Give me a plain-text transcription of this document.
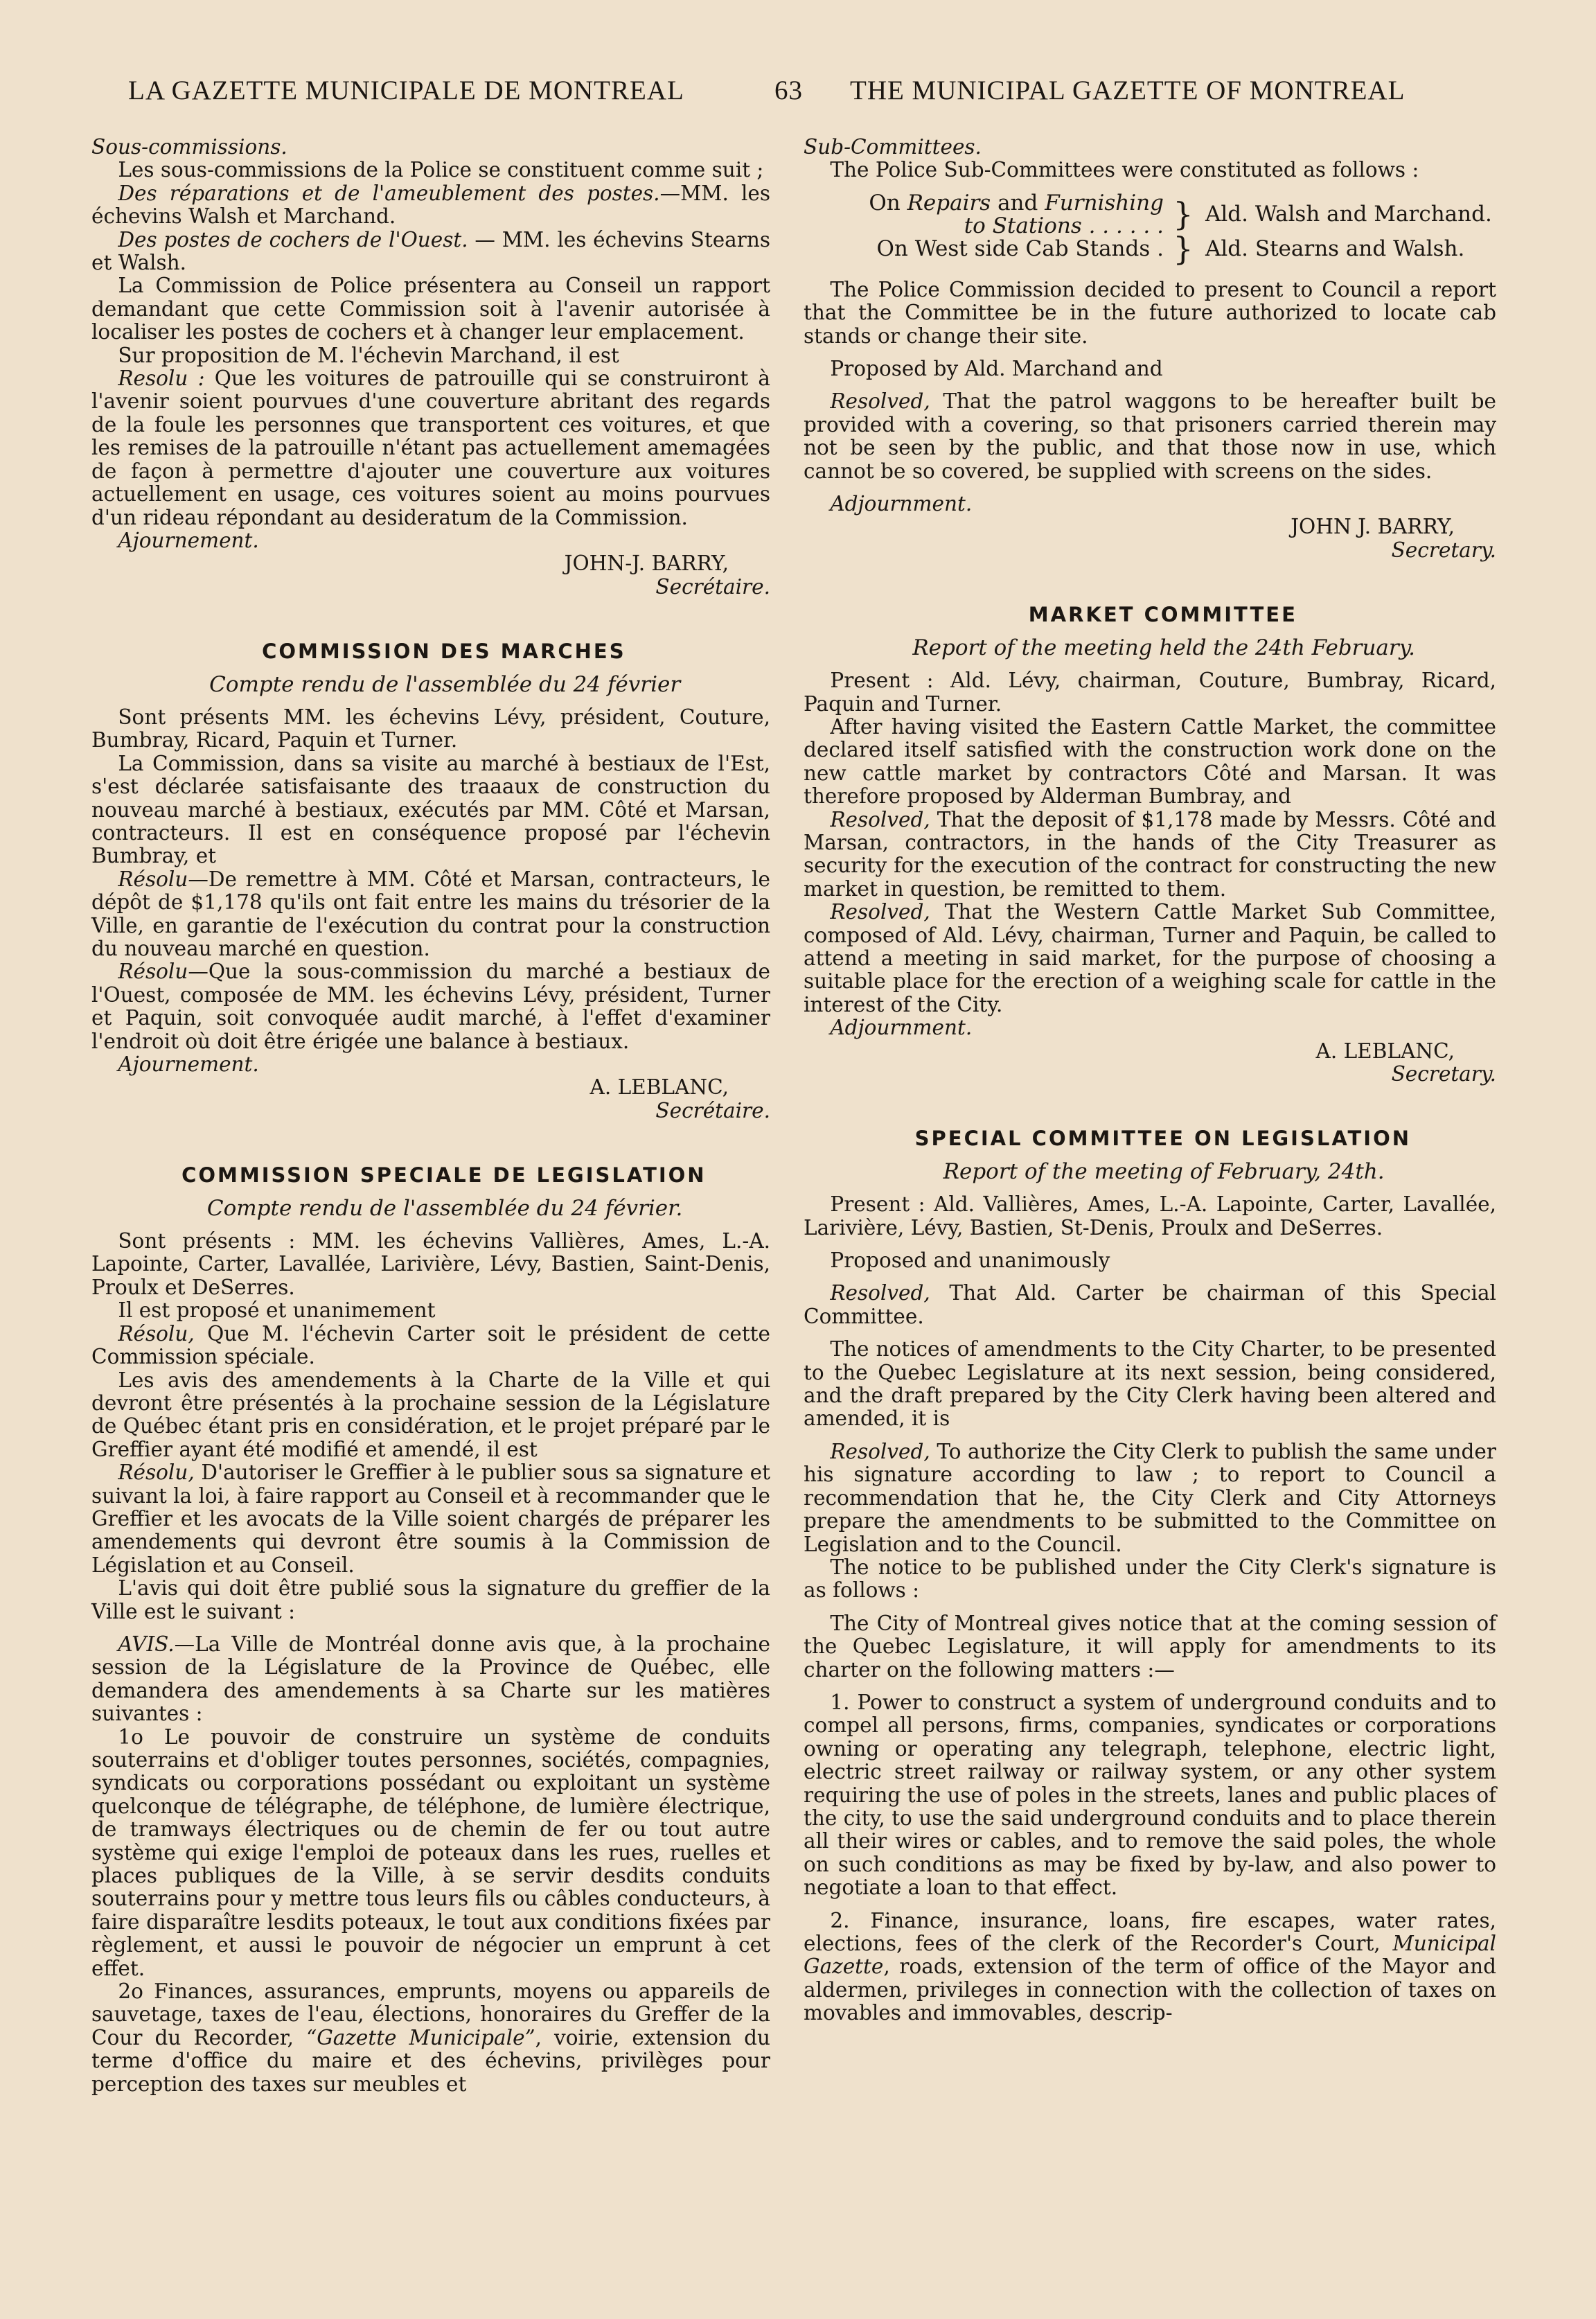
LA GAZETTE MUNICIPALE DE MONTREAL	63 THE MUNICIPAL GAZETTE OF MONTREAL

Sous-commissions.

Les sous-commissions de la Police se constituent comme suit ;

Des réparations et de l'ameublement des postes.—MM. les échevins Walsh et Marchand.

Des postes de cochers de l'Ouest. — MM. les échevins Stearns et Walsh.

La Commission de Police présentera au Conseil un rapport demandant que cette Commission soit à l'avenir autorisée à localiser les postes de cochers et à changer leur emplacement.

Sur proposition de M. l'échevin Marchand, il est

Resolu : Que les voitures de patrouille qui se construiront à l'avenir soient pourvues d'une couverture abritant des regards de la foule les personnes que transportent ces voitures, et que les remises de la patrouille n'étant pas actuellement amemagées de façon à permettre d'ajouter une couverture aux voitures actuellement en usage, ces voitures soient au moins pourvues d'un rideau répondant au desideratum de la Commission.

Ajournement.

JOHN-J. BARRY,

Secrétaire.

COMMISSION DES MARCHES

Compte rendu de l'assemblée du 24 février

Sont présents MM. les échevins Lévy, président, Couture, Bumbray, Ricard, Paquin et Turner.

La Commission, dans sa visite au marché à bestiaux de l'Est, s'est déclarée satisfaisante des traaaux de construction du nouveau marché à bestiaux, exécutés par MM. Côté et Marsan, contracteurs. Il est en conséquence proposé par l'échevin Bumbray, et

Résolu—De remettre à MM. Côté et Marsan, contracteurs, le dépôt de $1,178 qu'ils ont fait entre les mains du trésorier de la Ville, en garantie de l'exécution du contrat pour la construction du nouveau marché en question.

Résolu—Que la sous-commission du marché a bestiaux de l'Ouest, composée de MM. les échevins Lévy, président, Turner et Paquin, soit convoquée audit marché, à l'effet d'examiner l'endroit où doit être érigée une balance à bestiaux.

Ajournement.

A. LEBLANC,

Secrétaire.

COMMISSION SPECIALE DE LEGISLATION

Compte rendu de l'assemblée du 24 février.

Sont présents : MM. les échevins Vallières, Ames, L.-A. Lapointe, Carter, Lavallée, Larivière, Lévy, Bastien, Saint-Denis, Proulx et DeSerres.

Il est proposé et unanimement

Résolu, Que M. l'échevin Carter soit le président de cette Commission spéciale.

Les avis des amendements à la Charte de la Ville et qui devront être présentés à la prochaine session de la Législature de Québec étant pris en considération, et le projet préparé par le Greffier ayant été modifié et amendé, il est

Résolu, D'autoriser le Greffier à le publier sous sa signature et suivant la loi, à faire rapport au Conseil et à recommander que le Greffier et les avocats de la Ville soient chargés de préparer les amendements qui devront être soumis à la Commission de Législation et au Conseil.

L'avis qui doit être publié sous la signature du greffier de la Ville est le suivant :

AVIS.—La Ville de Montréal donne avis que, à la prochaine session de la Législature de la Province de Québec, elle demandera des amendements à sa Charte sur les matières suivantes :

1o Le pouvoir de construire un système de conduits souterrains et d'obliger toutes personnes, sociétés, compagnies, syndicats ou corporations possédant ou exploitant un système quelconque de télégraphe, de téléphone, de lumière électrique, de tramways électriques ou de chemin de fer ou tout autre système qui exige l'emploi de poteaux dans les rues, ruelles et places publiques de la Ville, à se servir desdits conduits souterrains pour y mettre tous leurs fils ou câbles conducteurs, à faire disparaître lesdits poteaux, le tout aux conditions fixées par règlement, et aussi le pouvoir de négocier un emprunt à cet effet.

2o Finances, assurances, emprunts, moyens ou appareils de sauvetage, taxes de l'eau, élections, honoraires du Greffer de la Cour du Recorder, “Gazette Municipale”, voirie, extension du terme d'office du maire et des échevins, privilèges pour perception des taxes sur meubles et

Sub-Committees.

The Police Sub-Committees were constituted as follows :

On Repairs and Furnishing
to Stations . . . . . .	}	Ald. Walsh and Marchand.
On West side Cab Stands .	}	Ald. Stearns and Walsh.

The Police Commission decided to present to Council a report that the Committee be in the future authorized to locate cab stands or change their site.

Proposed by Ald. Marchand and

Resolved, That the patrol waggons to be hereafter built be provided with a covering, so that prisoners carried therein may not be seen by the public, and that those now in use, which cannot be so covered, be supplied with screens on the sides.

Adjournment.

JOHN J. BARRY,

Secretary.

MARKET COMMITTEE

Report of the meeting held the 24th February.

Present : Ald. Lévy, chairman, Couture, Bumbray, Ricard, Paquin and Turner.

After having visited the Eastern Cattle Market, the committee declared itself satisfied with the construction work done on the new cattle market by contractors Côté and Marsan. It was therefore proposed by Alderman Bumbray, and

Resolved, That the deposit of $1,178 made by Messrs. Côté and Marsan, contractors, in the hands of the City Treasurer as security for the execution of the contract for constructing the new market in question, be remitted to them.

Resolved, That the Western Cattle Market Sub Committee, composed of Ald. Lévy, chairman, Turner and Paquin, be called to attend a meeting in said market, for the purpose of choosing a suitable place for the erection of a weighing scale for cattle in the interest of the City.

Adjournment.

A. LEBLANC,

Secretary.

SPECIAL COMMITTEE ON LEGISLATION

Report of the meeting of February, 24th.

Present : Ald. Vallières, Ames, L.-A. Lapointe, Carter, Lavallée, Larivière, Lévy, Bastien, St-Denis, Proulx and DeSerres.

Proposed and unanimously

Resolved, That Ald. Carter be chairman of this Special Committee.

The notices of amendments to the City Charter, to be presented to the Quebec Legislature at its next session, being considered, and the draft prepared by the City Clerk having been altered and amended, it is

Resolved, To authorize the City Clerk to publish the same under his signature according to law ; to report to Council a recommendation that he, the City Clerk and City Attorneys prepare the amendments to be submitted to the Committee on Legislation and to the Council.

The notice to be published under the City Clerk's signature is as follows :

The City of Montreal gives notice that at the coming session of the Quebec Legislature, it will apply for amendments to its charter on the following matters :—

1. Power to construct a system of underground conduits and to compel all persons, firms, companies, syndicates or corporations owning or operating any telegraph, telephone, electric light, electric street railway or railway system, or any other system requiring the use of poles in the streets, lanes and public places of the city, to use the said underground conduits and to place therein all their wires or cables, and to remove the said poles, the whole on such conditions as may be fixed by by-law, and also power to negotiate a loan to that effect.

2. Finance, insurance, loans, fire escapes, water rates, elections, fees of the clerk of the Recorder's Court, Municipal Gazette, roads, extension of the term of office of the Mayor and aldermen, privileges in connection with the collection of taxes on movables and immovables, descrip-
